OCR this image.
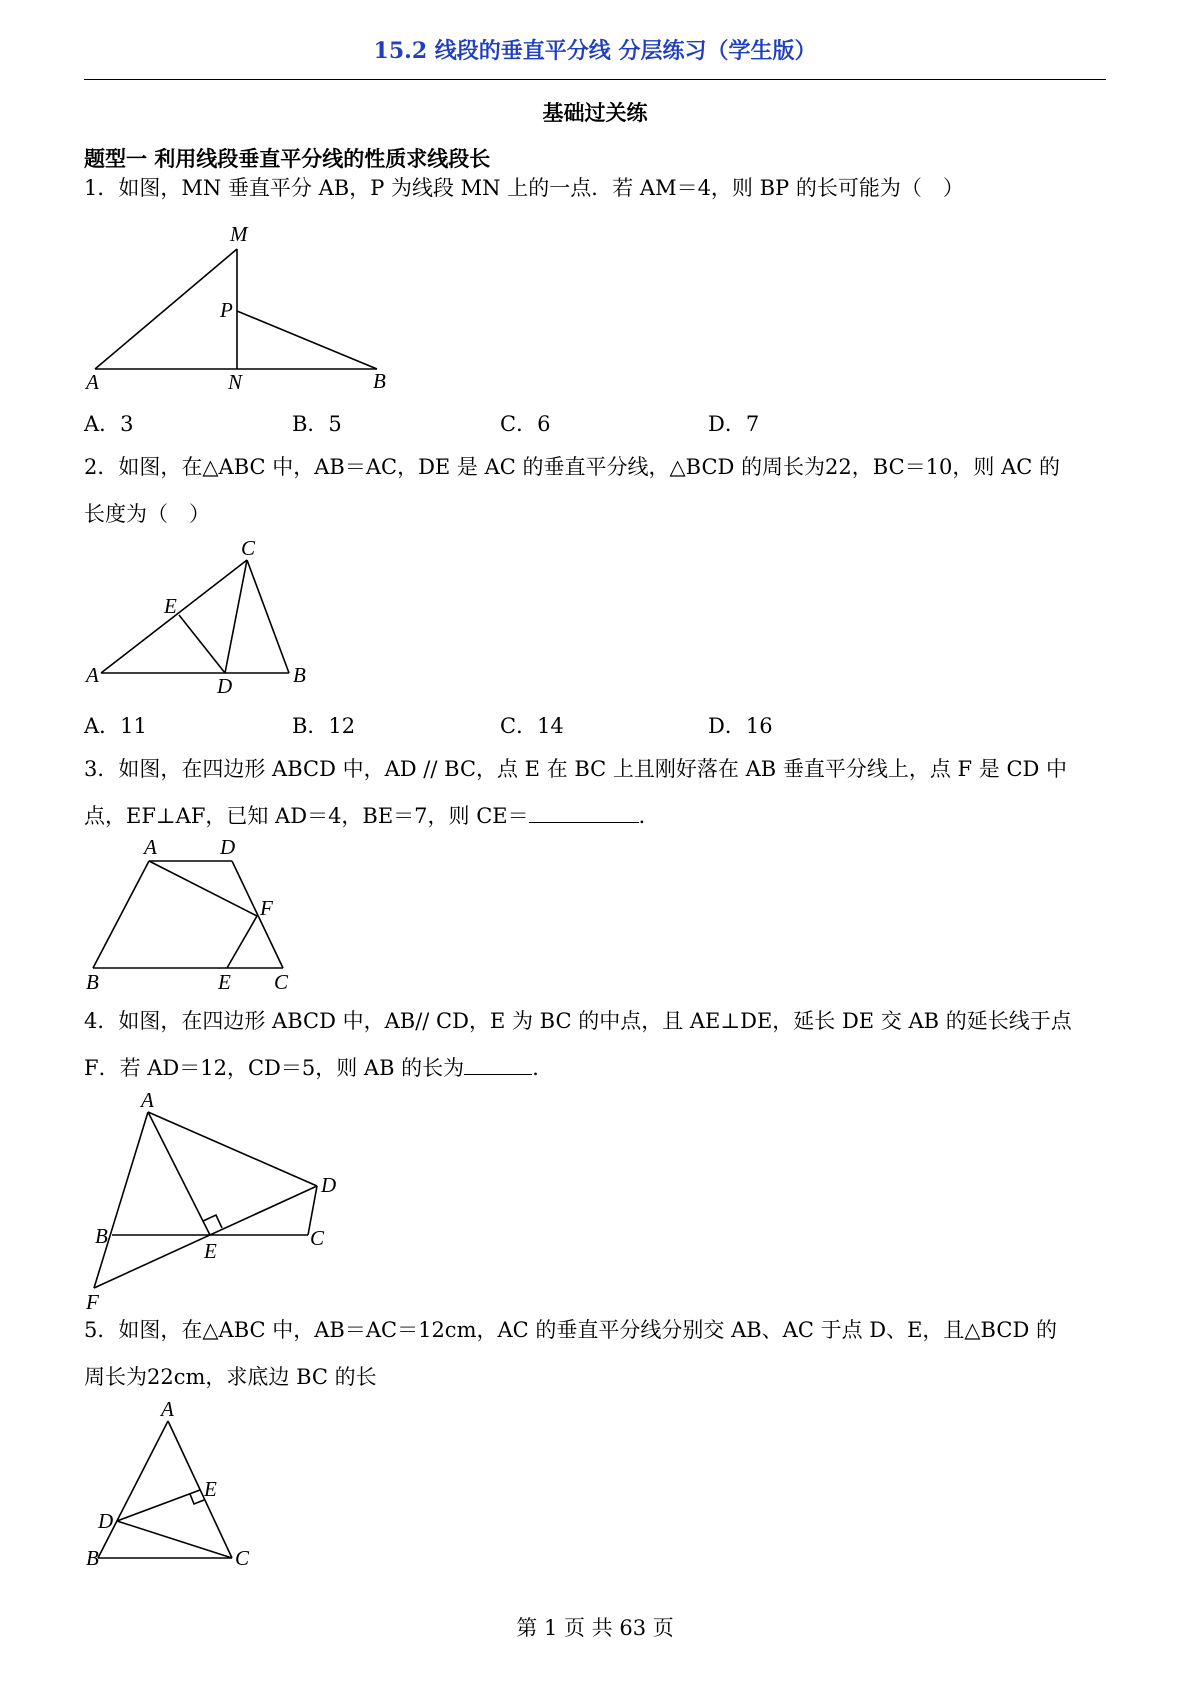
15.2 线段的垂直平分线 分层练习（学生版）
基础过关练
题型一 利用线段垂直平分线的性质求线段长
1．如图，MN 垂直平分 AB，P 为线段 MN 上的一点．若 AM＝4，则 BP 的长可能为（　）
M
P
A	N	B
A．3	B．5	C．6	D．7
2．如图，在△ABC 中，AB＝AC，DE 是 AC 的垂直平分线，△BCD 的周长为22，BC＝10，则 AC 的
长度为（　）
C
E
A	D	B
A．11	B．12	C．14	D．16
3．如图，在四边形 ABCD 中，AD // BC，点 E 在 BC 上且刚好落在 AB 垂直平分线上，点 F 是 CD 中
点，EF⊥AF，已知 AD＝4，BE＝7，则 CE＝	．
A	D
F
B	E C
4．如图，在四边形 ABCD 中，AB// CD，E 为 BC 的中点，且 AE⊥DE，延长 DE 交 AB 的延长线于点
F．若 AD＝12，CD＝5，则 AB 的长为	．
A
D
B	C
E
F
5．如图，在△ABC 中，AB＝AC＝12cm，AC 的垂直平分线分别交 AB、AC 于点 D、E，且△BCD 的
周长为22cm，求底边 BC 的长
A
E
D
B	C
第 1 页 共 63 页
